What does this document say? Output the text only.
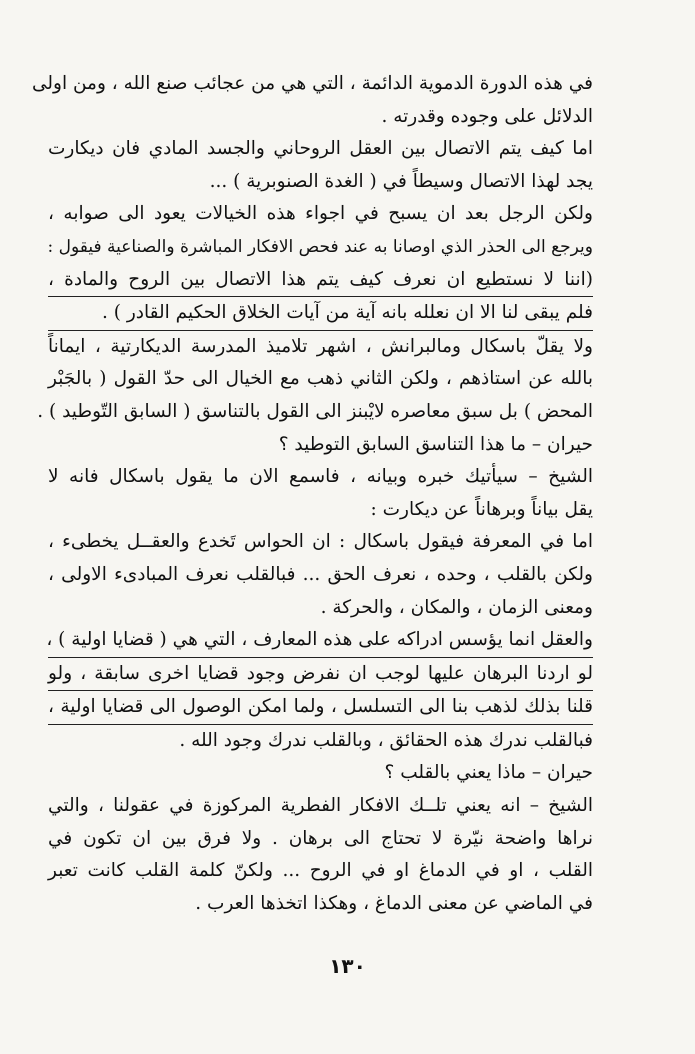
في هذه الدورة الدموية الدائمة ، التي هي من عجائب صنع الله ، ومن اولى
الدلائل على وجوده وقدرته .
اما كيف يتم الاتصال بين العقل الروحاني والجسد المادي فان ديكارت
يجد لهذا الاتصال وسيطاً في ( الغدة الصنوبرية ) ...
ولكن الرجل بعد ان يسبح في اجواء هذه الخيالات يعود الى صوابه ،
ويرجع الى الحذر الذي اوصانا به عند فحص الافكار المباشرة والصناعية فيقول :
(اننا لا نستطيع ان نعرف كيف يتم هذا الاتصال بين الروح والمادة ،
فلم يبقى لنا الا ان نعلله بانه آية من آيات الخلاق الحكيم القادر ) .
ولا يقلّ باسكال ومالبرانش ، اشهر تلاميذ المدرسة الديكارتية ، ايماناً
بالله عن استاذهم ، ولكن الثاني ذهب مع الخيال الى حدّ القول ( بالجَبْر
المحض ) بل سبق معاصره لايْبنز الى القول بالتناسق ( السابق التّوطيد ) .
حيران – ما هذا التناسق السابق التوطيد ؟
الشيخ – سيأتيك خبره وبيانه ، فاسمع الان ما يقول باسكال فانه لا
يقل بياناً وبرهاناً عن ديكارت :
اما في المعرفة فيقول باسكال : ان الحواس تَخدع والعقــل يخطىء ،
ولكن بالقلب ، وحده ، نعرف الحق ... فبالقلب نعرف المبادىء الاولى ،
ومعنى الزمان ، والمكان ، والحركة .
والعقل انما يؤسس ادراكه على هذه المعارف ، التي هي ( قضايا اولية ) ،
لو اردنا البرهان عليها لوجب ان نفرض وجود قضايا اخرى سابقة ، ولو
قلنا بذلك لذهب بنا الى التسلسل ، ولما امكن الوصول الى قضايا اولية ،
فبالقلب ندرك هذه الحقائق ، وبالقلب ندرك وجود الله .
حيران – ماذا يعني بالقلب ؟
الشيخ – انه يعني تلــك الافكار الفطرية المركوزة في عقولنا ، والتي
نراها واضحة نيّرة لا تحتاج الى برهان . ولا فرق بين ان تكون في
القلب ، او في الدماغ او في الروح ... ولكنّ كلمة القلب كانت تعبر
في الماضي عن معنى الدماغ ، وهكذا اتخذها العرب .
١٣٠
